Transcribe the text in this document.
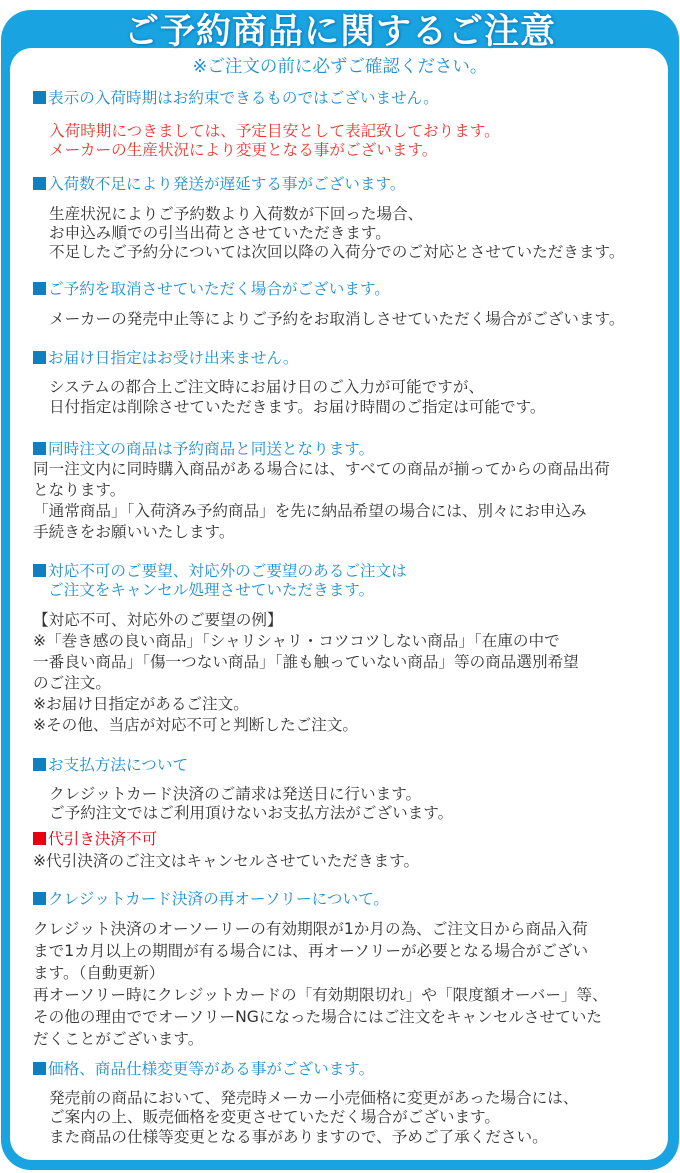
ご予約商品に関するご注意
※ご注文の前に必ずご確認ください。
表示の入荷時期はお約束できるものではございません。
入荷時期につきましては、予定目安として表記致しております。
メーカーの生産状況により変更となる事がございます。
入荷数不足により発送が遅延する事がございます。
生産状況によりご予約数より入荷数が下回った場合、
お申込み順での引当出荷とさせていただきます。
不足したご予約分については次回以降の入荷分でのご対応とさせていただきます。
ご予約を取消させていただく場合がございます。
メーカーの発売中止等によりご予約をお取消しさせていただく場合がございます。
お届け日指定はお受け出来ません。
システムの都合上ご注文時にお届け日のご入力が可能ですが、
日付指定は削除させていただきます。お届け時間のご指定は可能です。
同時注文の商品は予約商品と同送となります。
同一注文内に同時購入商品がある場合には、すべての商品が揃ってからの商品出荷
となります。
「通常商品」「入荷済み予約商品」を先に納品希望の場合には、別々にお申込み
手続きをお願いいたします。
対応不可のご要望、対応外のご要望のあるご注文は
ご注文をキャンセル処理させていただきます。
【対応不可、対応外のご要望の例】
※「巻き感の良い商品」「シャリシャリ・コツコツしない商品」「在庫の中で
一番良い商品」「傷一つない商品」「誰も触っていない商品」等の商品選別希望
のご注文。
※お届け日指定があるご注文。
※その他、当店が対応不可と判断したご注文。
お支払方法について
クレジットカード決済のご請求は発送日に行います。
ご予約注文ではご利用頂けないお支払方法がございます。
代引き決済不可
※代引決済のご注文はキャンセルさせていただきます。
クレジットカード決済の再オーソリーについて。
クレジット決済のオーソーリーの有効期限が1か月の為、ご注文日から商品入荷
まで1カ月以上の期間が有る場合には、再オーソリーが必要となる場合がござい
ます。（自動更新）
再オーソリー時にクレジットカードの「有効期限切れ」や「限度額オーバー」等、
その他の理由ででオーソリーNGになった場合にはご注文をキャンセルさせていた
だくことがございます。
価格、商品仕様変更等がある事がございます。
発売前の商品において、発売時メーカー小売価格に変更があった場合には、
ご案内の上、販売価格を変更させていただく場合がございます。
また商品の仕様等変更となる事がありますので、予めご了承ください。
